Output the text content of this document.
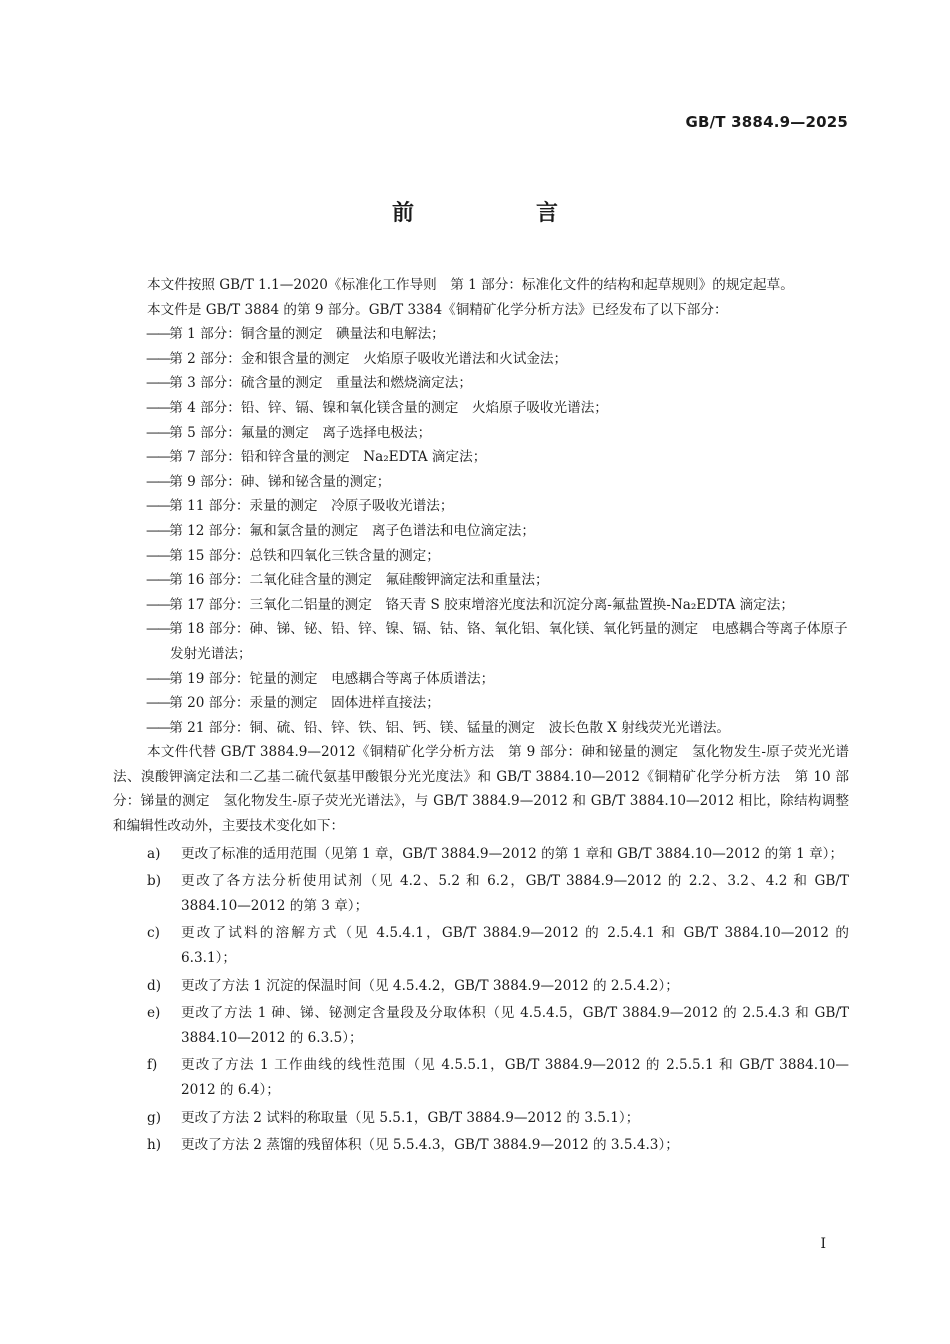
GB/T 3884.9—2025
前　言

本文件按照 GB/T 1.1—2020《标准化工作导则　第 1 部分：标准化文件的结构和起草规则》的规定起草。

本文件是 GB/T 3884 的第 9 部分。GB/T 3384《铜精矿化学分析方法》已经发布了以下部分：

——第 1 部分：铜含量的测定　碘量法和电解法；

——第 2 部分：金和银含量的测定　火焰原子吸收光谱法和火试金法；

——第 3 部分：硫含量的测定　重量法和燃烧滴定法；

——第 4 部分：铅、锌、镉、镍和氧化镁含量的测定　火焰原子吸收光谱法；

——第 5 部分：氟量的测定　离子选择电极法；

——第 7 部分：铅和锌含量的测定　Na₂EDTA 滴定法；

——第 9 部分：砷、锑和铋含量的测定；

——第 11 部分：汞量的测定　冷原子吸收光谱法；

——第 12 部分：氟和氯含量的测定　离子色谱法和电位滴定法；

——第 15 部分：总铁和四氧化三铁含量的测定；

——第 16 部分：二氧化硅含量的测定　氟硅酸钾滴定法和重量法；

——第 17 部分：三氧化二铝量的测定　铬天青 S 胶束增溶光度法和沉淀分离-氟盐置换-Na₂EDTA 滴定法；

——第 18 部分：砷、锑、铋、铅、锌、镍、镉、钴、铬、氧化铝、氧化镁、氧化钙量的测定　电感耦合等离子体原子发射光谱法；

——第 19 部分：铊量的测定　电感耦合等离子体质谱法；

——第 20 部分：汞量的测定　固体进样直接法；

——第 21 部分：铜、硫、铅、锌、铁、铝、钙、镁、锰量的测定　波长色散 X 射线荧光光谱法。

本文件代替 GB/T 3884.9—2012《铜精矿化学分析方法　第 9 部分：砷和铋量的测定　氢化物发生-原子荧光光谱法、溴酸钾滴定法和二乙基二硫代氨基甲酸银分光光度法》和 GB/T 3884.10—2012《铜精矿化学分析方法　第 10 部分：锑量的测定　氢化物发生-原子荧光光谱法》，与 GB/T 3884.9—2012 和 GB/T 3884.10—2012 相比，除结构调整和编辑性改动外，主要技术变化如下：

a)	更改了标准的适用范围（见第 1 章，GB/T 3884.9—2012 的第 1 章和 GB/T 3884.10—2012 的第 1 章）；
b)	更改了各方法分析使用试剂（见 4.2、5.2 和 6.2，GB/T 3884.9—2012 的 2.2、3.2、4.2 和 GB/T 3884.10—2012 的第 3 章）；
c)	更改了试料的溶解方式（见 4.5.4.1，GB/T 3884.9—2012 的 2.5.4.1 和 GB/T 3884.10—2012 的 6.3.1）；
d)	更改了方法 1 沉淀的保温时间（见 4.5.4.2，GB/T 3884.9—2012 的 2.5.4.2）；
e)	更改了方法 1 砷、锑、铋测定含量段及分取体积（见 4.5.4.5，GB/T 3884.9—2012 的 2.5.4.3 和 GB/T 3884.10—2012 的 6.3.5）；
f)	更改了方法 1 工作曲线的线性范围（见 4.5.5.1，GB/T 3884.9—2012 的 2.5.5.1 和 GB/T 3884.10—2012 的 6.4）；
g)	更改了方法 2 试料的称取量（见 5.5.1，GB/T 3884.9—2012 的 3.5.1）；
h)	更改了方法 2 蒸馏的残留体积（见 5.5.4.3，GB/T 3884.9—2012 的 3.5.4.3）；
I
